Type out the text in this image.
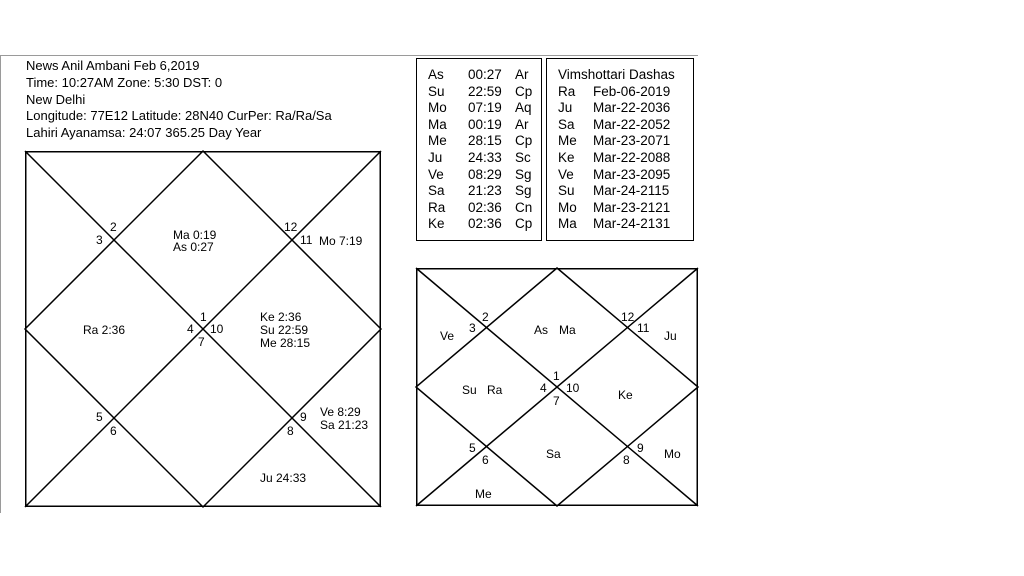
News Anil Ambani Feb 6,2019
Time: 10:27AM Zone: 5:30 DST: 0
New Delhi
Longitude: 77E12 Latitude: 28N40 CurPer: Ra/Ra/Sa
Lahiri Ayanamsa: 24:07 365.25 Day Year
1
2
3
4
5
6
7
8
9
10
11
12
Ma 0:19
As 0:27	Mo 7:19
Ra 2:36
Ke 2:36
Su 22:59
Me 28:15
Ve 8:29
Sa 21:23
Ju 24:33
As 00:27 Ar
Su 22:59 Cp
Mo 07:19 Aq
Ma 00:19 Ar
Me 28:15 Cp
Ju 24:33 Sc
Ve 08:29 Sg
Sa 21:23 Sg
Ra 02:36 Cn
Ke 02:36 Cp
Vimshottari Dashas
Ra Feb-06-2019
Ju Mar-22-2036
Sa Mar-22-2052
Me Mar-23-2071
Ke Mar-22-2088
Ve Mar-23-2095
Su Mar-24-2115
Mo Mar-23-2121
Ma Mar-24-2131
1
2
3
4
5
6
7
8
9
10
11
12
As Ma
Ve	Ju
Su Ra	Ke
Sa	Mo
Me
